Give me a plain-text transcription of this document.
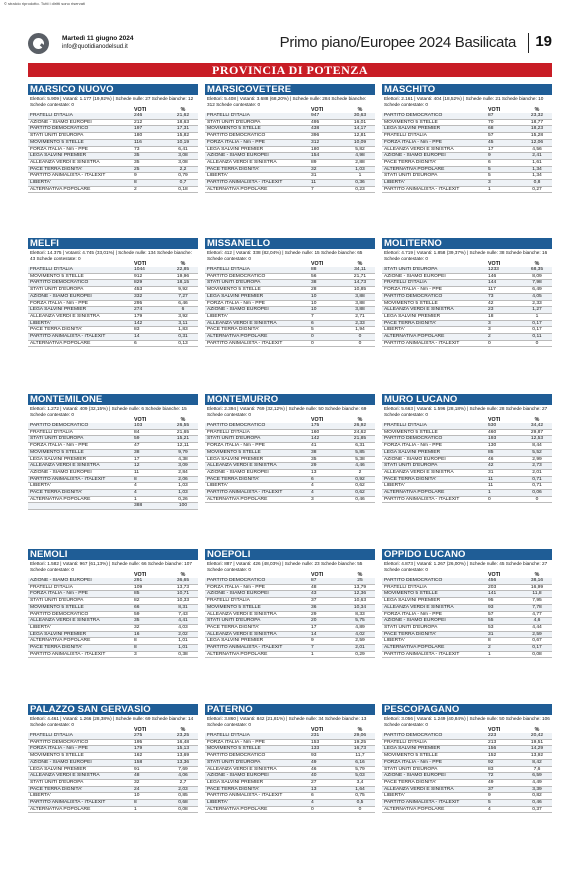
© stralcio riprodotto. Tutti i diritti sono riservati
Martedì 11 giugno 2024
info@quotidianodelsud.it	Primo piano/Europee 2024 Basilicata	19
PROVINCIA DI POTENZA
MARSICO NUOVO
Elettori: 5.909 | Votanti: 1.177 (19,92%) | Schede nulle: 27 Schede bianche: 12 Schede contestate: 0
	VOTI	%
FRATELLI D'ITALIA	246	21,62
AZIONE - SIAMO EUROPEI	212	18,63
PARTITO DEMOCRATICO	197	17,31
STATI UNITI D'EUROPA	180	15,82
MOVIMENTO 5 STELLE	116	10,19
FORZA ITALIA - Nm - PPE	73	6,41
LEGA SALVINI PREMIER	35	3,08
ALLEANZA VERDI E SINISTRA	35	3,08
PACE TERRA DIGNITA'	25	2,2
PARTITO ANIMALISTA - ITALEXIT	9	0,79
LIBERTA'	8	0,7
ALTERNATIVA POPOLARE	2	0,18
MARSICOVETERE
Elettori: 5.408 | Votanti: 3.688 (68,20%) | Schede nulle: 284 Schede bianche: 312 Schede contestate: 0
	VOTI	%
FRATELLI D'ITALIA	947	30,63
STATI UNITI D'EUROPA	495	16,01
MOVIMENTO 5 STELLE	438	14,17
PARTITO DEMOCRATICO	396	12,81
FORZA ITALIA - Nm - PPE	312	10,09
LEGA SALVINI PREMIER	180	5,82
AZIONE - SIAMO EUROPEI	154	4,98
ALLEANZA VERDI E SINISTRA	89	2,88
PACE TERRA DIGNITA'	32	1,03
LIBERTA'	31	1
PARTITO ANIMALISTA - ITALEXIT	11	0,36
ALTERNATIVA POPOLARE	7	0,23
MASCHITO
Elettori: 2.161 | Votanti: 404 (18,52%) | Schede nulle: 21 Schede bianche: 10 Schede contestate: 0
	VOTI	%
PARTITO DEMOCRATICO	87	23,32
MOVIMENTO 5 STELLE	70	18,77
LEGA SALVINI PREMIER	68	18,23
FRATELLI D'ITALIA	57	15,28
FORZA ITALIA - Nm - PPE	45	12,06
ALLEANZA VERDI E SINISTRA	17	4,56
AZIONE - SIAMO EUROPEI	9	2,41
PACE TERRA DIGNITA'	6	1,61
ALTERNATIVA POPOLARE	5	1,34
STATI UNITI D'EUROPA	5	1,34
LIBERTA'	3	0,8
PARTITO ANIMALISTA - ITALEXIT	1	0,27
MELFI
Elettori: 14.375 | Votanti: 4.745 (33,01%) | Schede nulle: 134 Schede bianche: 43 Schede contestate: 0
	VOTI	%
FRATELLI D'ITALIA	1044	22,85
MOVIMENTO 5 STELLE	912	19,96
PARTITO DEMOCRATICO	829	18,15
STATI UNITI D'EUROPA	453	9,92
AZIONE - SIAMO EUROPEI	332	7,27
FORZA ITALIA - Nm - PPE	295	6,46
LEGA SALVINI PREMIER	274	6
ALLEANZA VERDI E SINISTRA	179	3,92
LIBERTA'	142	3,11
PACE TERRA DIGNITA'	83	1,83
PARTITO ANIMALISTA - ITALEXIT	14	0,31
ALTERNATIVA POPOLARE	6	0,13
MISSANELLO
Elettori: 412 | Votanti: 338 (82,04%) | Schede nulle: 15 Schede bianche: 65 Schede contestate: 0
	VOTI	%
FRATELLI D'ITALIA	88	34,11
PARTITO DEMOCRATICO	56	21,71
STATI UNITI D'EUROPA	38	14,73
MOVIMENTO 5 STELLE	28	10,85
LEGA SALVINI PREMIER	10	3,88
FORZA ITALIA - Nm - PPE	10	3,88
AZIONE - SIAMO EUROPEI	10	3,88
LIBERTA'	7	2,71
ALLEANZA VERDI E SINISTRA	6	2,33
PACE TERRA DIGNITA'	5	1,94
ALTERNATIVA POPOLARE	0	0
PARTITO ANIMALISTA - ITALEXIT	0	0
MOLITERNO
Elettori: 4.719 | Votanti: 1.858 (39,37%) | Schede nulle: 38 Schede bianche: 16 Schede contestate: 0
	VOTI	%
STATI UNITI D'EUROPA	1233	68,35
AZIONE - SIAMO EUROPEI	146	8,09
FRATELLI D'ITALIA	144	7,98
FORZA ITALIA - Nm - PPE	117	6,49
PARTITO DEMOCRATICO	73	4,05
MOVIMENTO 5 STELLE	42	2,33
ALLEANZA VERDI E SINISTRA	23	1,27
LEGA SALVINI PREMIER	18	1
PACE TERRA DIGNITA'	3	0,17
LIBERTA'	3	0,17
ALTERNATIVA POPOLARE	2	0,11
PARTITO ANIMALISTA - ITALEXIT	0	0
MONTEMILONE
Elettori: 1.272 | Votanti: 409 (32,15%) | Schede nulle: 6 Schede bianche: 15 Schede contestate: 0
	VOTI	%
PARTITO DEMOCRATICO	103	26,55
FRATELLI D'ITALIA	84	21,65
STATI UNITI D'EUROPA	59	15,21
FORZA ITALIA - Nm - PPE	47	12,11
MOVIMENTO 5 STELLE	38	9,79
LEGA SALVINI PREMIER	17	4,38
ALLEANZA VERDI E SINISTRA	12	3,09
AZIONE - SIAMO EUROPEI	11	2,84
PARTITO ANIMALISTA - ITALEXIT	8	2,06
LIBERTA'	4	1,03
PACE TERRA DIGNITA'	4	1,03
ALTERNATIVA POPOLARE	1	0,26
	388	100
MONTEMURRO
Elettori: 2.394 | Votanti: 769 (32,12%) | Schede nulle: 50 Schede bianche: 69 Schede contestate: 0
	VOTI	%
PARTITO DEMOCRATICO	175	26,92
FRATELLI D'ITALIA	160	24,62
STATI UNITI D'EUROPA	142	21,85
FORZA ITALIA - Nm - PPE	41	6,31
MOVIMENTO 5 STELLE	38	5,85
LEGA SALVINI PREMIER	35	5,38
ALLEANZA VERDI E SINISTRA	29	4,46
AZIONE - SIAMO EUROPEI	13	2
PACE TERRA DIGNITA'	6	0,92
LIBERTA'	4	0,62
PARTITO ANIMALISTA - ITALEXIT	4	0,62
ALTERNATIVA POPOLARE	3	0,46
MURO LUCANO
Elettori: 5.663 | Votanti: 1.596 (28,18%) | Schede nulle: 28 Schede bianche: 27 Schede contestate: 0
	VOTI	%
FRATELLI D'ITALIA	530	34,42
MOVIMENTO 5 STELLE	460	29,87
PARTITO DEMOCRATICO	193	12,53
FORZA ITALIA - Nm - PPE	130	8,44
LEGA SALVINI PREMIER	85	5,52
AZIONE - SIAMO EUROPEI	46	2,99
STATI UNITI D'EUROPA	42	2,73
ALLEANZA VERDI E SINISTRA	31	2,01
PACE TERRA DIGNITA'	11	0,71
LIBERTA'	11	0,71
ALTERNATIVA POPOLARE	1	0,06
PARTITO ANIMALISTA - ITALEXIT	0	0
NEMOLI
Elettori: 1.582 | Votanti: 967 (61,13%) | Schede nulle: 66 Schede bianche: 107 Schede contestate: 0
	VOTI	%
AZIONE - SIAMO EUROPEI	291	36,65
FRATELLI D'ITALIA	109	13,73
FORZA ITALIA - Nm - PPE	85	10,71
STATI UNITI D'EUROPA	82	10,33
MOVIMENTO 5 STELLE	66	8,31
PARTITO DEMOCRATICO	59	7,43
ALLEANZA VERDI E SINISTRA	35	4,41
LIBERTA'	32	4,03
LEGA SALVINI PREMIER	16	2,02
ALTERNATIVA POPOLARE	8	1,01
PACE TERRA DIGNITA'	8	1,01
PARTITO ANIMALISTA - ITALEXIT	3	0,38
NOEPOLI
Elettori: 887 | Votanti: 426 (48,03%) | Schede nulle: 23 Schede bianche: 55 Schede contestate: 0
	VOTI	%
PARTITO DEMOCRATICO	87	25
FORZA ITALIA - Nm - PPE	48	13,79
AZIONE - SIAMO EUROPEI	43	12,36
FRATELLI D'ITALIA	37	10,63
MOVIMENTO 5 STELLE	36	10,34
ALLEANZA VERDI E SINISTRA	29	8,33
STATI UNITI D'EUROPA	20	5,75
PACE TERRA DIGNITA'	17	4,89
ALLEANZA VERDI E SINISTRA	14	4,02
LEGA SALVINI PREMIER	9	2,59
PARTITO ANIMALISTA - ITALEXIT	7	2,01
ALTERNATIVA POPOLARE	1	0,29
OPPIDO LUCANO
Elettori: 4.873 | Votanti: 1.267 (26,00%) | Schede nulle: 45 Schede bianche: 27 Schede contestate: 0
	VOTI	%
PARTITO DEMOCRATICO	456	38,16
FRATELLI D'ITALIA	203	16,99
MOVIMENTO 5 STELLE	141	11,8
LEGA SALVINI PREMIER	95	7,95
ALLEANZA VERDI E SINISTRA	93	7,78
FORZA ITALIA - Nm - PPE	57	4,77
AZIONE - SIAMO EUROPEI	55	4,6
STATI UNITI D'EUROPA	53	4,44
PACE TERRA DIGNITA'	31	2,59
LIBERTA'	8	0,67
ALTERNATIVA POPOLARE	2	0,17
PARTITO ANIMALISTA - ITALEXIT	1	0,08
PALAZZO SAN GERVASIO
Elettori: 4.461 | Votanti: 1.266 (28,38%) | Schede nulle: 69 Schede bianche: 14 Schede contestate: 0
	VOTI	%
FRATELLI D'ITALIA	275	23,25
PARTITO DEMOCRATICO	195	16,48
FORZA ITALIA - Nm - PPE	179	15,13
MOVIMENTO 5 STELLE	162	13,69
AZIONE - SIAMO EUROPEI	158	13,36
LEGA SALVINI PREMIER	91	7,69
ALLEANZA VERDI E SINISTRA	48	4,06
STATI UNITI D'EUROPA	32	2,7
PACE TERRA DIGNITA'	24	2,03
LIBERTA'	10	0,85
PARTITO ANIMALISTA - ITALEXIT	8	0,68
ALTERNATIVA POPOLARE	1	0,08
PATERNO
Elettori: 3.860 | Votanti: 842 (21,81%) | Schede nulle: 34 Schede bianche: 13 Schede contestate: 0
	VOTI	%
FRATELLI D'ITALIA	231	29,06
FORZA ITALIA - Nm - PPE	153	19,25
MOVIMENTO 5 STELLE	133	16,73
PARTITO DEMOCRATICO	93	11,7
STATI UNITI D'EUROPA	49	6,16
ALLEANZA VERDI E SINISTRA	46	5,79
AZIONE - SIAMO EUROPEI	40	5,03
LEGA SALVINI PREMIER	27	3,4
PACE TERRA DIGNITA'	13	1,64
PARTITO ANIMALISTA - ITALEXIT	6	0,75
LIBERTA'	4	0,5
ALTERNATIVA POPOLARE	0	0
PESCOPAGANO
Elettori: 3.056 | Votanti: 1.249 (40,84%) | Schede nulle: 50 Schede bianche: 106 Schede contestate: 0
	VOTI	%
PARTITO DEMOCRATICO	223	20,42
FRATELLI D'ITALIA	213	19,51
LEGA SALVINI PREMIER	156	14,29
MOVIMENTO 5 STELLE	152	13,92
FORZA ITALIA - Nm - PPE	92	8,42
STATI UNITI D'EUROPA	83	7,6
AZIONE - SIAMO EUROPEI	72	6,59
PACE TERRA DIGNITA'	49	4,49
ALLEANZA VERDI E SINISTRA	37	3,39
LIBERTA'	9	0,82
PARTITO ANIMALISTA - ITALEXIT	5	0,46
ALTERNATIVA POPOLARE	4	0,37
